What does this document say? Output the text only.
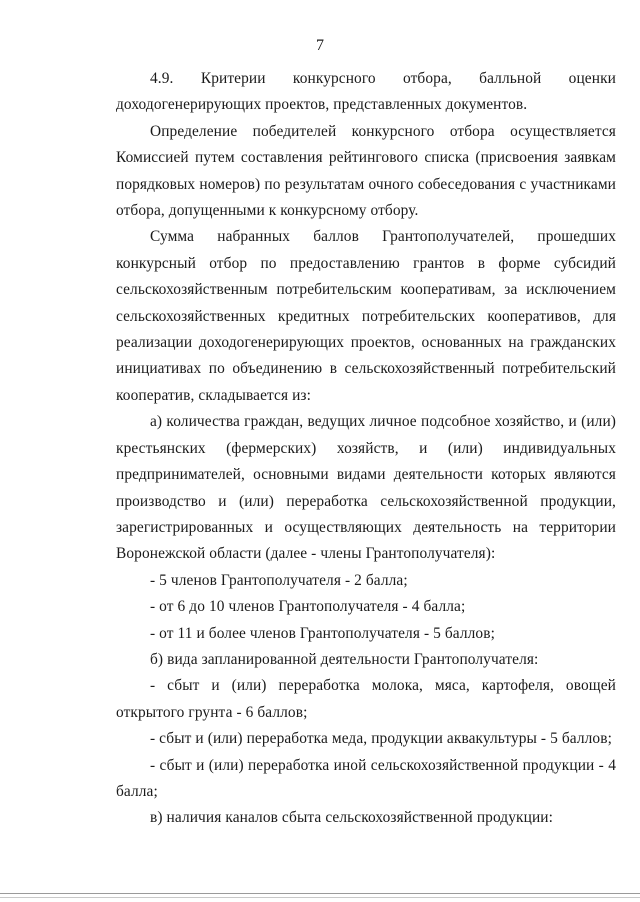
7

4.9. Критерии конкурсного отбора, балльной оценки доходогенерирующих проектов, представленных документов.

Определение победителей конкурсного отбора осуществляется Комиссией путем составления рейтингового списка (присвоения заявкам порядковых номеров) по результатам очного собеседования с участниками отбора, допущенными к конкурсному отбору.

Сумма набранных баллов Грантополучателей, прошедших конкурсный отбор по предоставлению грантов в форме субсидий сельскохозяйственным потребительским кооперативам, за исключением сельскохозяйственных кредитных потребительских кооперативов, для реализации доходогенерирующих проектов, основанных на гражданских инициативах по объединению в сельскохозяйственный потребительский кооператив, складывается из:

а) количества граждан, ведущих личное подсобное хозяйство, и (или) крестьянских (фермерских) хозяйств, и (или) индивидуальных предпринимателей, основными видами деятельности которых являются производство и (или) переработка сельскохозяйственной продукции, зарегистрированных и осуществляющих деятельность на территории Воронежской области (далее - члены Грантополучателя):

- 5 членов Грантополучателя - 2 балла;

- от 6 до 10 членов Грантополучателя - 4 балла;

- от 11 и более членов Грантополучателя - 5 баллов;

б) вида запланированной деятельности Грантополучателя:

- сбыт и (или) переработка молока, мяса, картофеля, овощей открытого грунта - 6 баллов;

- сбыт и (или) переработка меда, продукции аквакультуры - 5 баллов;

- сбыт и (или) переработка иной сельскохозяйственной продукции - 4 балла;

в) наличия каналов сбыта сельскохозяйственной продукции:
